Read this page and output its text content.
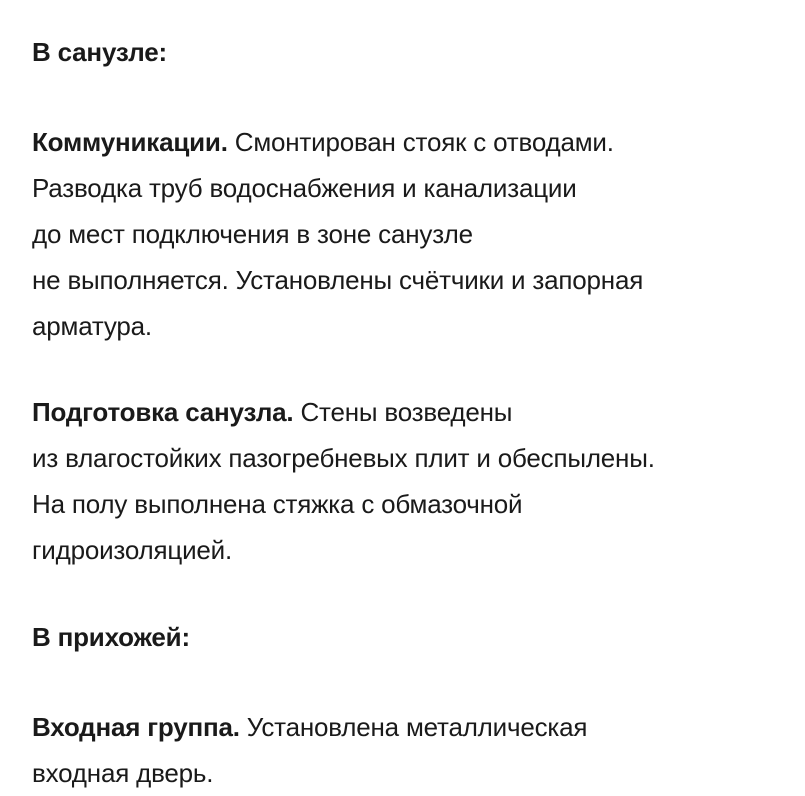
В санузле:
Коммуникации. Смонтирован стояк с отводами.
Разводка труб водоснабжения и канализации
до мест подключения в зоне санузле
не выполняется. Установлены счётчики и запорная
арматура.
Подготовка санузла. Стены возведены
из влагостойких пазогребневых плит и обеспылены.
На полу выполнена стяжка с обмазочной
гидроизоляцией.
В прихожей:
Входная группа. Установлена металлическая
входная дверь.
